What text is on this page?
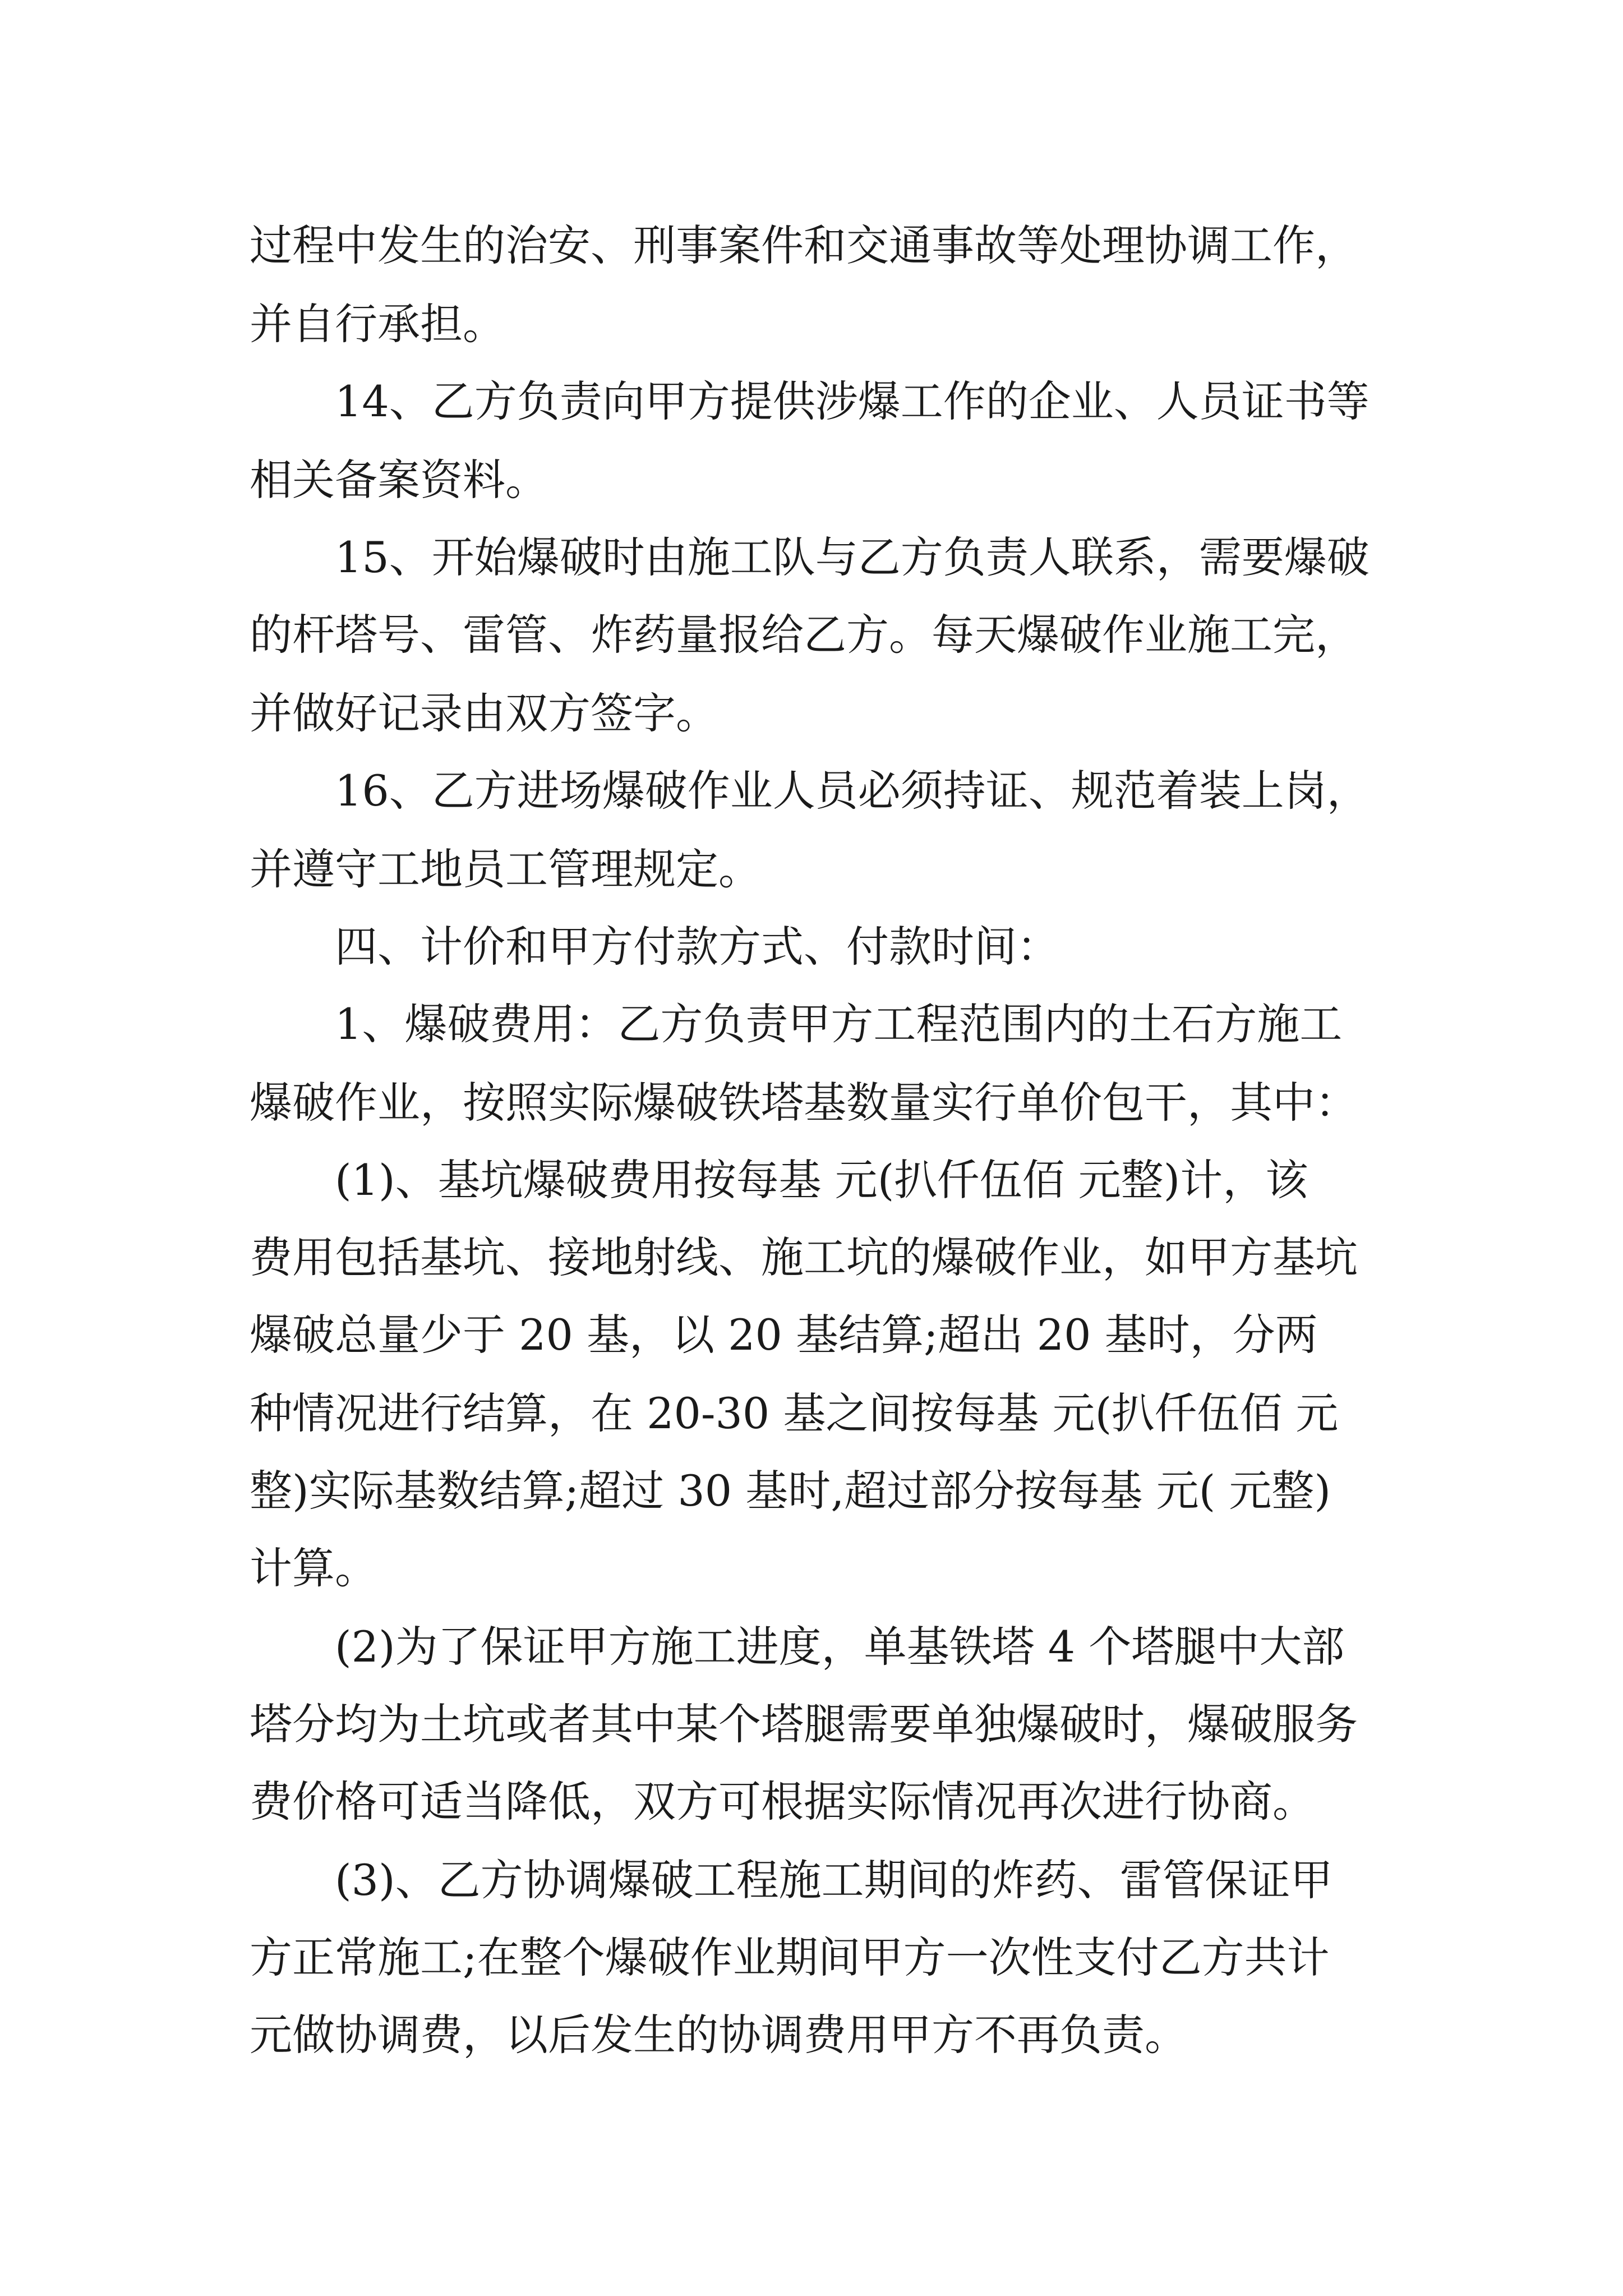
过程中发生的治安、刑事案件和交通事故等处理协调工作，
并自行承担。
14、乙方负责向甲方提供涉爆工作的企业、人员证书等
相关备案资料。
15、开始爆破时由施工队与乙方负责人联系，需要爆破
的杆塔号、雷管、炸药量报给乙方。每天爆破作业施工完，
并做好记录由双方签字。
16、乙方进场爆破作业人员必须持证、规范着装上岗，
并遵守工地员工管理规定。
四、计价和甲方付款方式、付款时间：
1、爆破费用：乙方负责甲方工程范围内的土石方施工
爆破作业，按照实际爆破铁塔基数量实行单价包干，其中：
(1)、基坑爆破费用按每基 元(扒仟伍佰 元整)计，该
费用包括基坑、接地射线、施工坑的爆破作业，如甲方基坑
爆破总量少于 20 基，以 20 基结算;超出 20 基时，分两
种情况进行结算，在 20-30 基之间按每基 元(扒仟伍佰 元
整)实际基数结算;超过 30 基时,超过部分按每基 元( 元整)
计算。
(2)为了保证甲方施工进度，单基铁塔 4 个塔腿中大部
塔分均为土坑或者其中某个塔腿需要单独爆破时，爆破服务
费价格可适当降低，双方可根据实际情况再次进行协商。
(3)、乙方协调爆破工程施工期间的炸药、雷管保证甲
方正常施工;在整个爆破作业期间甲方一次性支付乙方共计
元做协调费，以后发生的协调费用甲方不再负责。
